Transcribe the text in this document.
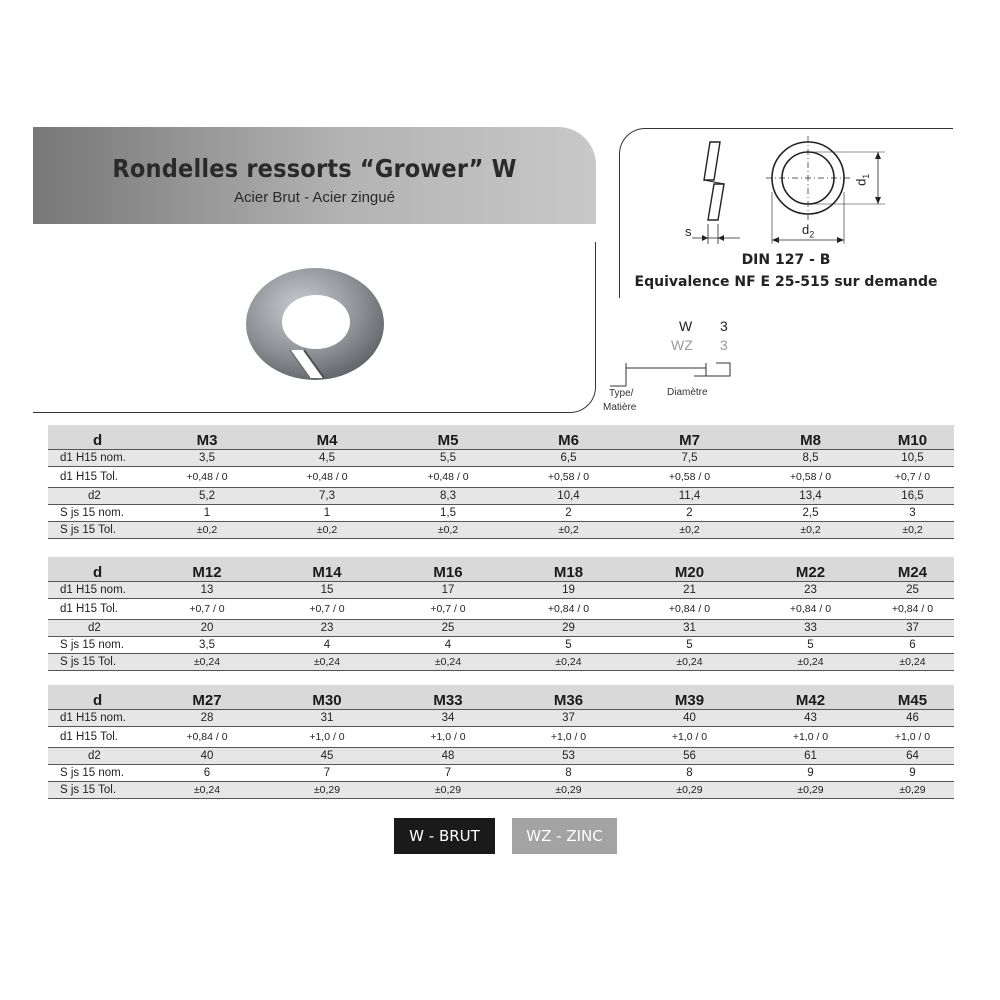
Rondelles ressorts “Grower” W
Acier Brut - Acier zingué
s	$d_2$
$d_1$
DIN 127 - B
Equivalence NF E 25-515 sur demande
W 3
WZ 3
Type/
Matière
Diamètre
d	M3	M4	M5	M6	M7	M8	M10
d1 H15 nom.	3,5	4,5	5,5	6,5	7,5	8,5	10,5
d1 H15 Tol.	+0,48 / 0	+0,48 / 0	+0,48 / 0	+0,58 / 0	+0,58 / 0	+0,58 / 0	+0,7 / 0
d2	5,2	7,3	8,3	10,4	11,4	13,4	16,5
S js 15 nom.	1	1	1,5	2	2	2,5	3
S js 15 Tol.	±0,2	±0,2	±0,2	±0,2	±0,2	±0,2	±0,2
d	M12	M14	M16	M18	M20	M22	M24
d1 H15 nom.	13	15	17	19	21	23	25
d1 H15 Tol.	+0,7 / 0	+0,7 / 0	+0,7 / 0	+0,84 / 0	+0,84 / 0	+0,84 / 0	+0,84 / 0
d2	20	23	25	29	31	33	37
S js 15 nom.	3,5	4	4	5	5	5	6
S js 15 Tol.	±0,24	±0,24	±0,24	±0,24	±0,24	±0,24	±0,24
d	M27	M30	M33	M36	M39	M42	M45
d1 H15 nom.	28	31	34	37	40	43	46
d1 H15 Tol.	+0,84 / 0	+1,0 / 0	+1,0 / 0	+1,0 / 0	+1,0 / 0	+1,0 / 0	+1,0 / 0
d2	40	45	48	53	56	61	64
S js 15 nom.	6	7	7	8	8	9	9
S js 15 Tol.	±0,24	±0,29	±0,29	±0,29	±0,29	±0,29	±0,29
W - BRUT	WZ - ZINC
